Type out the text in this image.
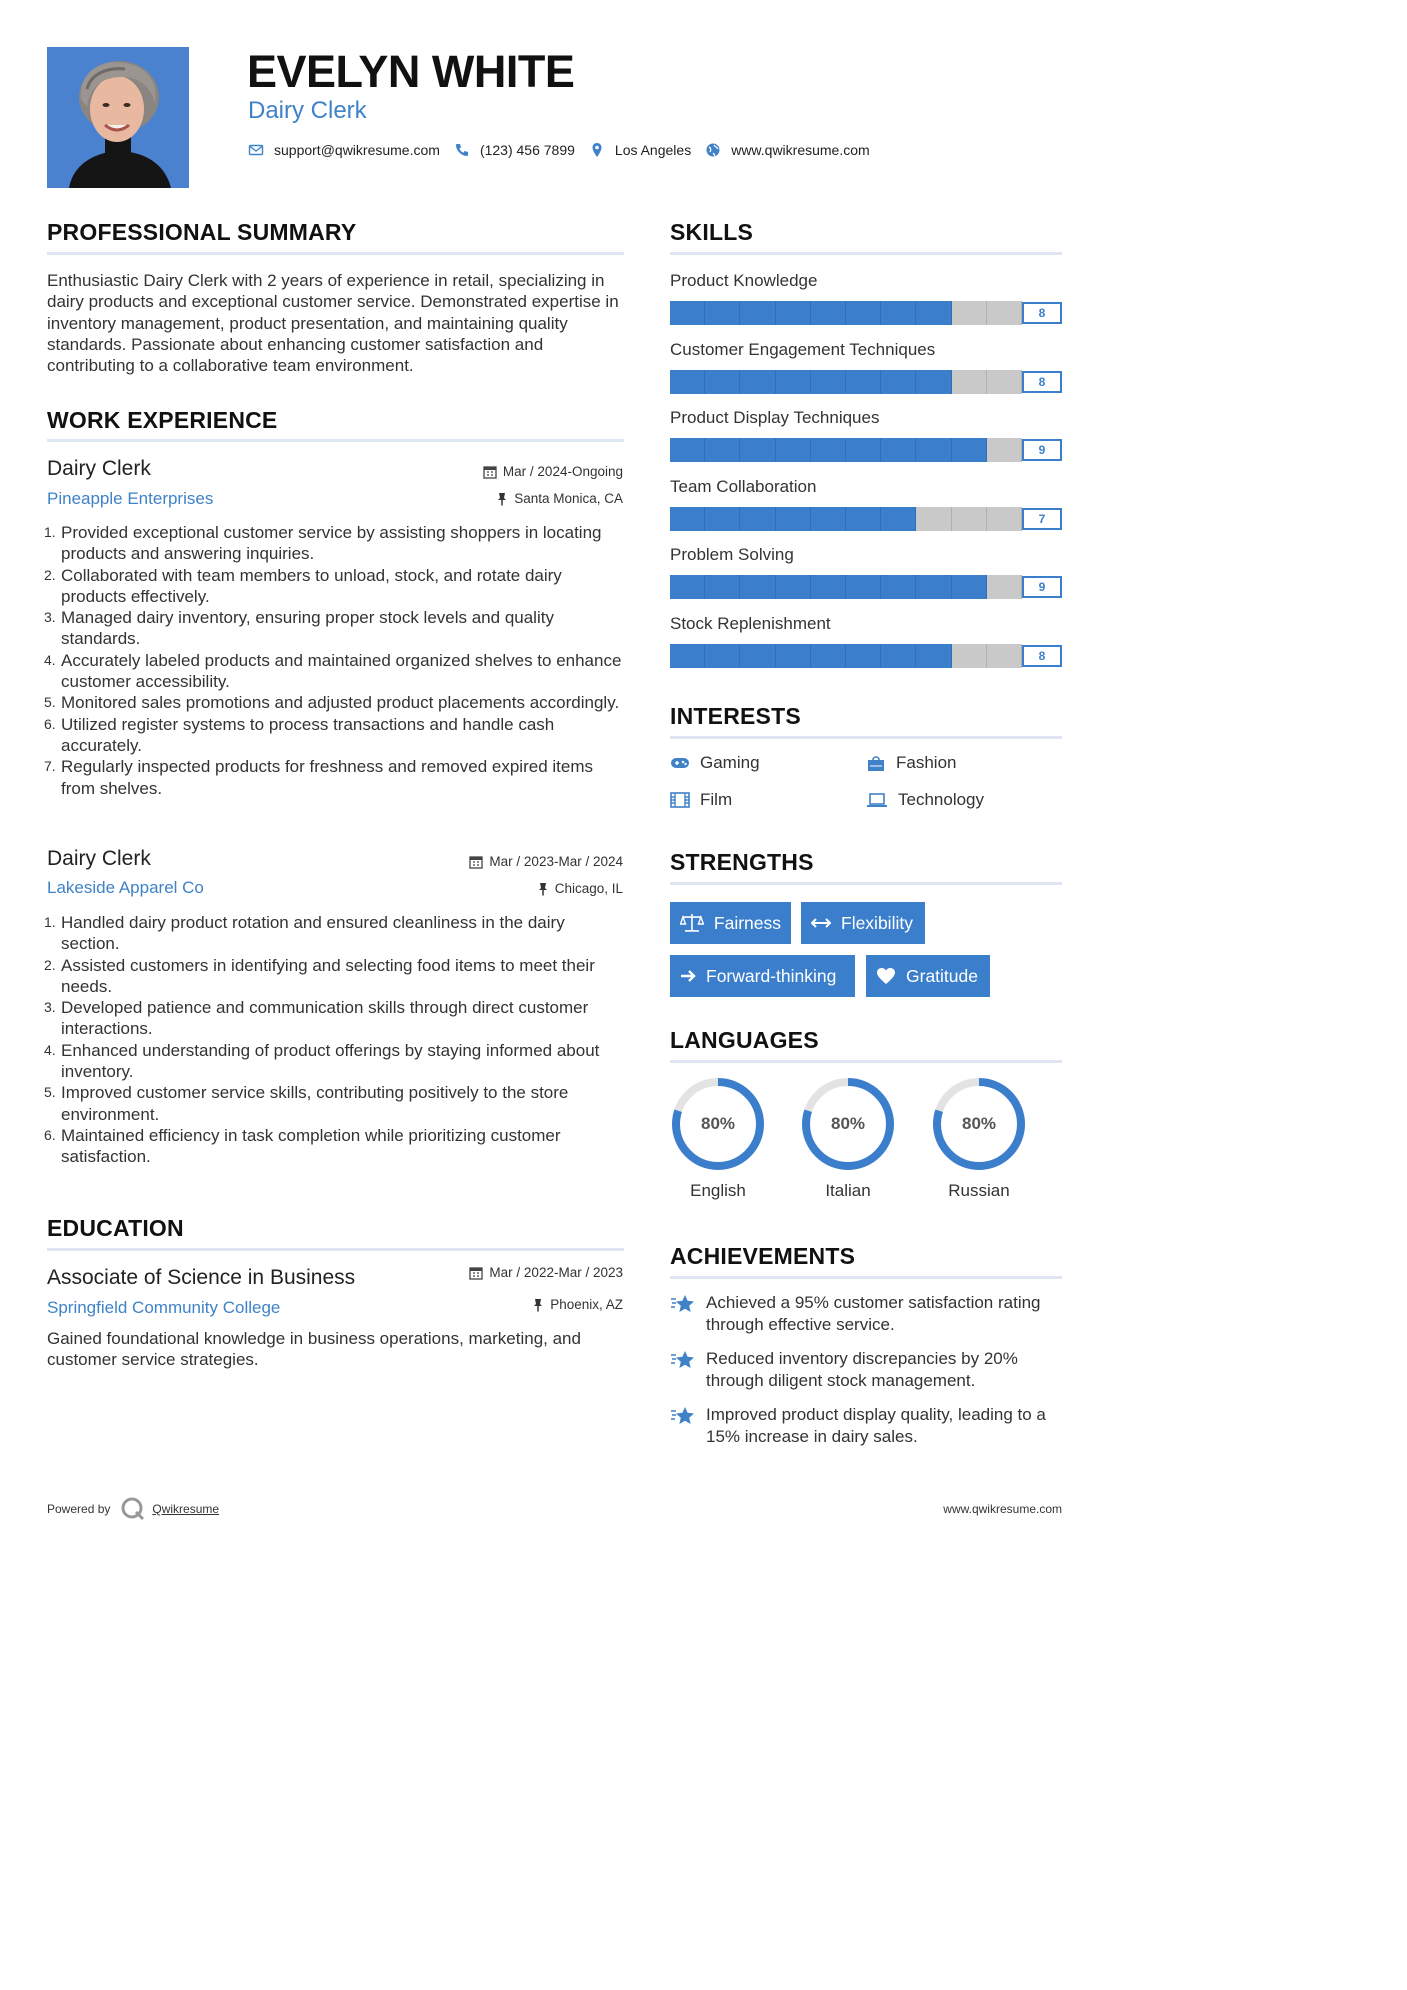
EVELYN WHITE
Dairy Clerk
support@qwikresume.com	(123) 456 7899	Los Angeles	www.qwikresume.com
PROFESSIONAL SUMMARY
Enthusiastic Dairy Clerk with 2 years of experience in retail, specializing in dairy products and exceptional customer service. Demonstrated expertise in inventory management, product presentation, and maintaining quality standards. Passionate about enhancing customer satisfaction and contributing to a collaborative team environment.
WORK EXPERIENCE
Dairy Clerk
Pineapple Enterprises
Mar / 2024-Ongoing
Santa Monica, CA
1. Provided exceptional customer service by assisting shoppers in locating products and answering inquiries.
2. Collaborated with team members to unload, stock, and rotate dairy products effectively.
3. Managed dairy inventory, ensuring proper stock levels and quality standards.
4. Accurately labeled products and maintained organized shelves to enhance customer accessibility.
5. Monitored sales promotions and adjusted product placements accordingly.
6. Utilized register systems to process transactions and handle cash accurately.
7. Regularly inspected products for freshness and removed expired items from shelves.
Dairy Clerk
Lakeside Apparel Co
Mar / 2023-Mar / 2024
Chicago, IL
1. Handled dairy product rotation and ensured cleanliness in the dairy section.
2. Assisted customers in identifying and selecting food items to meet their needs.
3. Developed patience and communication skills through direct customer interactions.
4. Enhanced understanding of product offerings by staying informed about inventory.
5. Improved customer service skills, contributing positively to the store environment.
6. Maintained efficiency in task completion while prioritizing customer satisfaction.
EDUCATION
Associate of Science in Business
Springfield Community College
Mar / 2022-Mar / 2023
Phoenix, AZ
Gained foundational knowledge in business operations, marketing, and customer service strategies.
SKILLS
Product Knowledge
8
Customer Engagement Techniques
8
Product Display Techniques
9
Team Collaboration
7
Problem Solving
9
Stock Replenishment
8
INTERESTS
Gaming	Fashion
Film	Technology
STRENGTHS
Fairness	Flexibility
Forward-thinking	Gratitude
LANGUAGES
80%
English
80%
Italian
80%
Russian
ACHIEVEMENTS
Achieved a 95% customer satisfaction rating through effective service.
Reduced inventory discrepancies by 20% through diligent stock management.
Improved product display quality, leading to a 15% increase in dairy sales.
Powered by	Qwikresume	www.qwikresume.com
